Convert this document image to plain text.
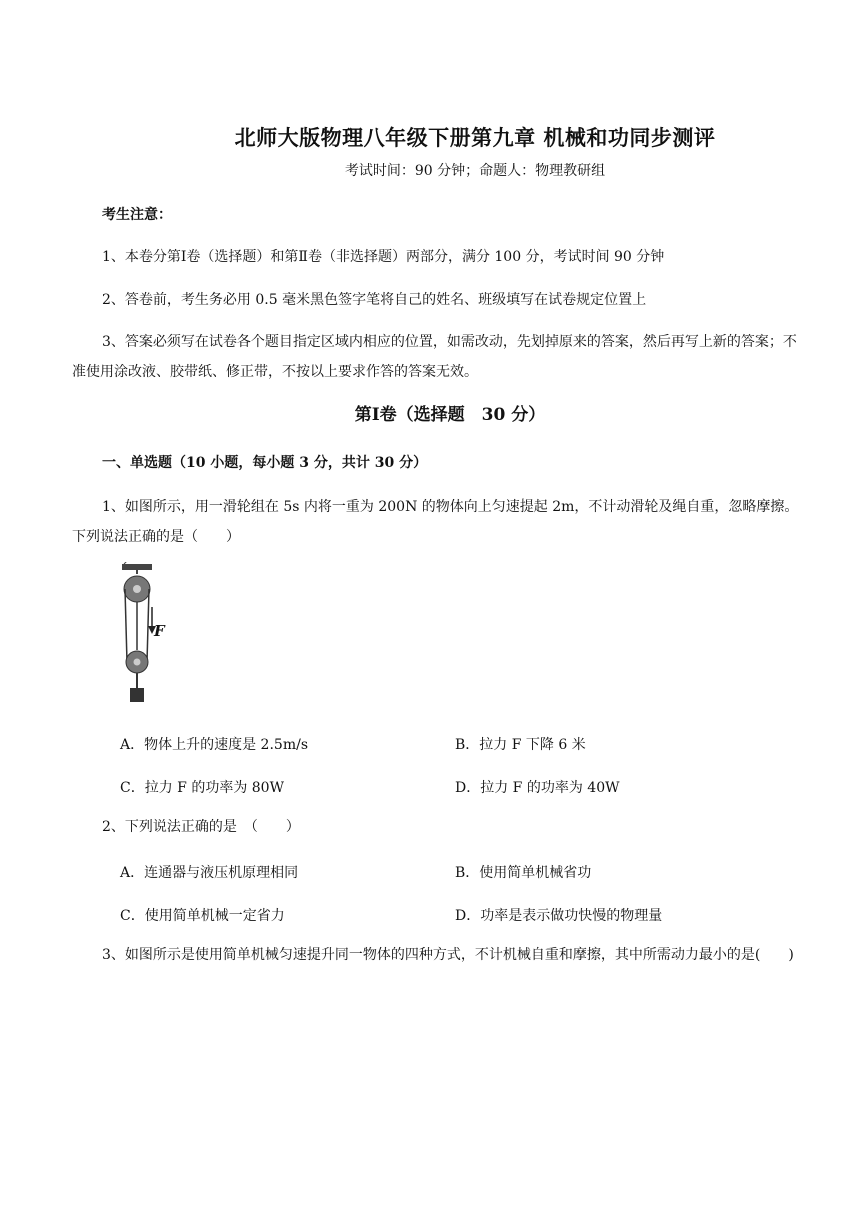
北师大版物理八年级下册第九章 机械和功同步测评
考试时间：90 分钟；命题人：物理教研组
考生注意：
1、本卷分第Ⅰ卷（选择题）和第Ⅱ卷（非选择题）两部分，满分 100 分，考试时间 90 分钟
2、答卷前，考生务必用 0.5 毫米黑色签字笔将自己的姓名、班级填写在试卷规定位置上
3、答案必须写在试卷各个题目指定区域内相应的位置，如需改动，先划掉原来的答案，然后再写上新的答案；不准使用涂改液、胶带纸、修正带，不按以上要求作答的答案无效。
第Ⅰ卷（选择题　30 分）
一、单选题（10 小题，每小题 3 分，共计 30 分）
1、如图所示，用一滑轮组在 5s 内将一重为 200N 的物体向上匀速提起 2m，不计动滑轮及绳自重，忽略摩擦。下列说法正确的是（　　）
F
A．物体上升的速度是 2.5m/s	B．拉力 F 下降 6 米
C．拉力 F 的功率为 80W	D．拉力 F 的功率为 40W
2、下列说法正确的是　（　　）
A．连通器与液压机原理相同	B．使用简单机械省功
C．使用简单机械一定省力	D．功率是表示做功快慢的物理量
3、如图所示是使用简单机械匀速提升同一物体的四种方式，不计机械自重和摩擦，其中所需动力最小的是(　　)
